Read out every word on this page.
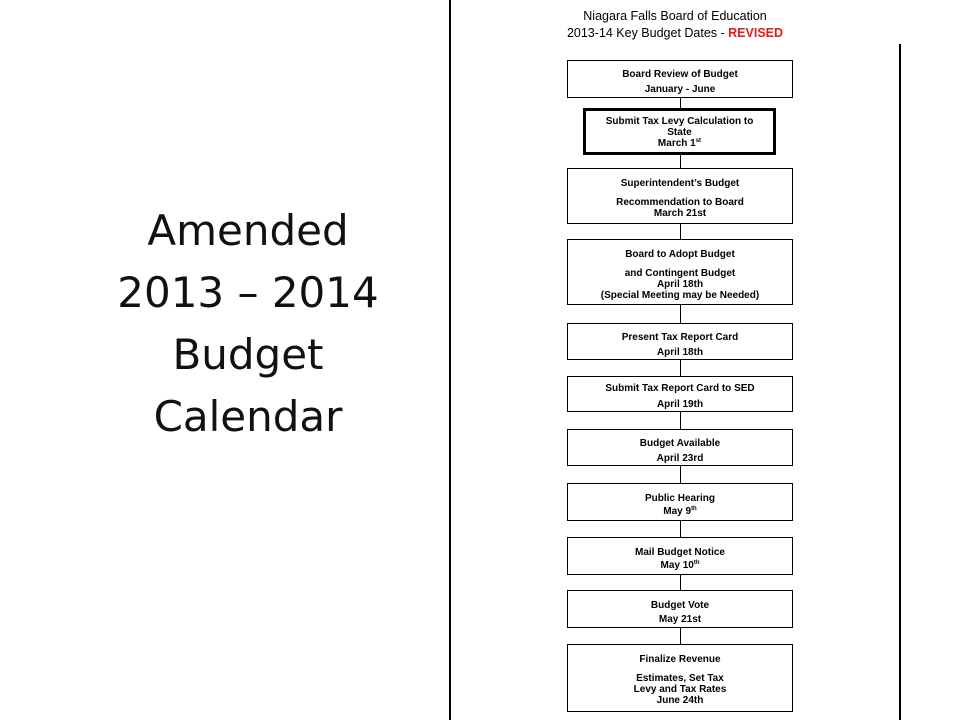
Amended
2013 – 2014
Budget
Calendar
Niagara Falls Board of Education
2013-14 Key Budget Dates - REVISED
Board Review of Budget
January - June
Submit Tax Levy Calculation to
State
March 1st
Superintendent’s Budget
Recommendation to Board
March 21st
Board to Adopt Budget
and Contingent Budget
April 18th
(Special Meeting may be Needed)
Present Tax Report Card
April 18th
Submit Tax Report Card to SED
April 19th
Budget Available
April 23rd
Public Hearing
May 9th
Mail Budget Notice
May 10th
Budget Vote
May 21st
Finalize Revenue
Estimates, Set Tax
Levy and Tax Rates
June 24th
